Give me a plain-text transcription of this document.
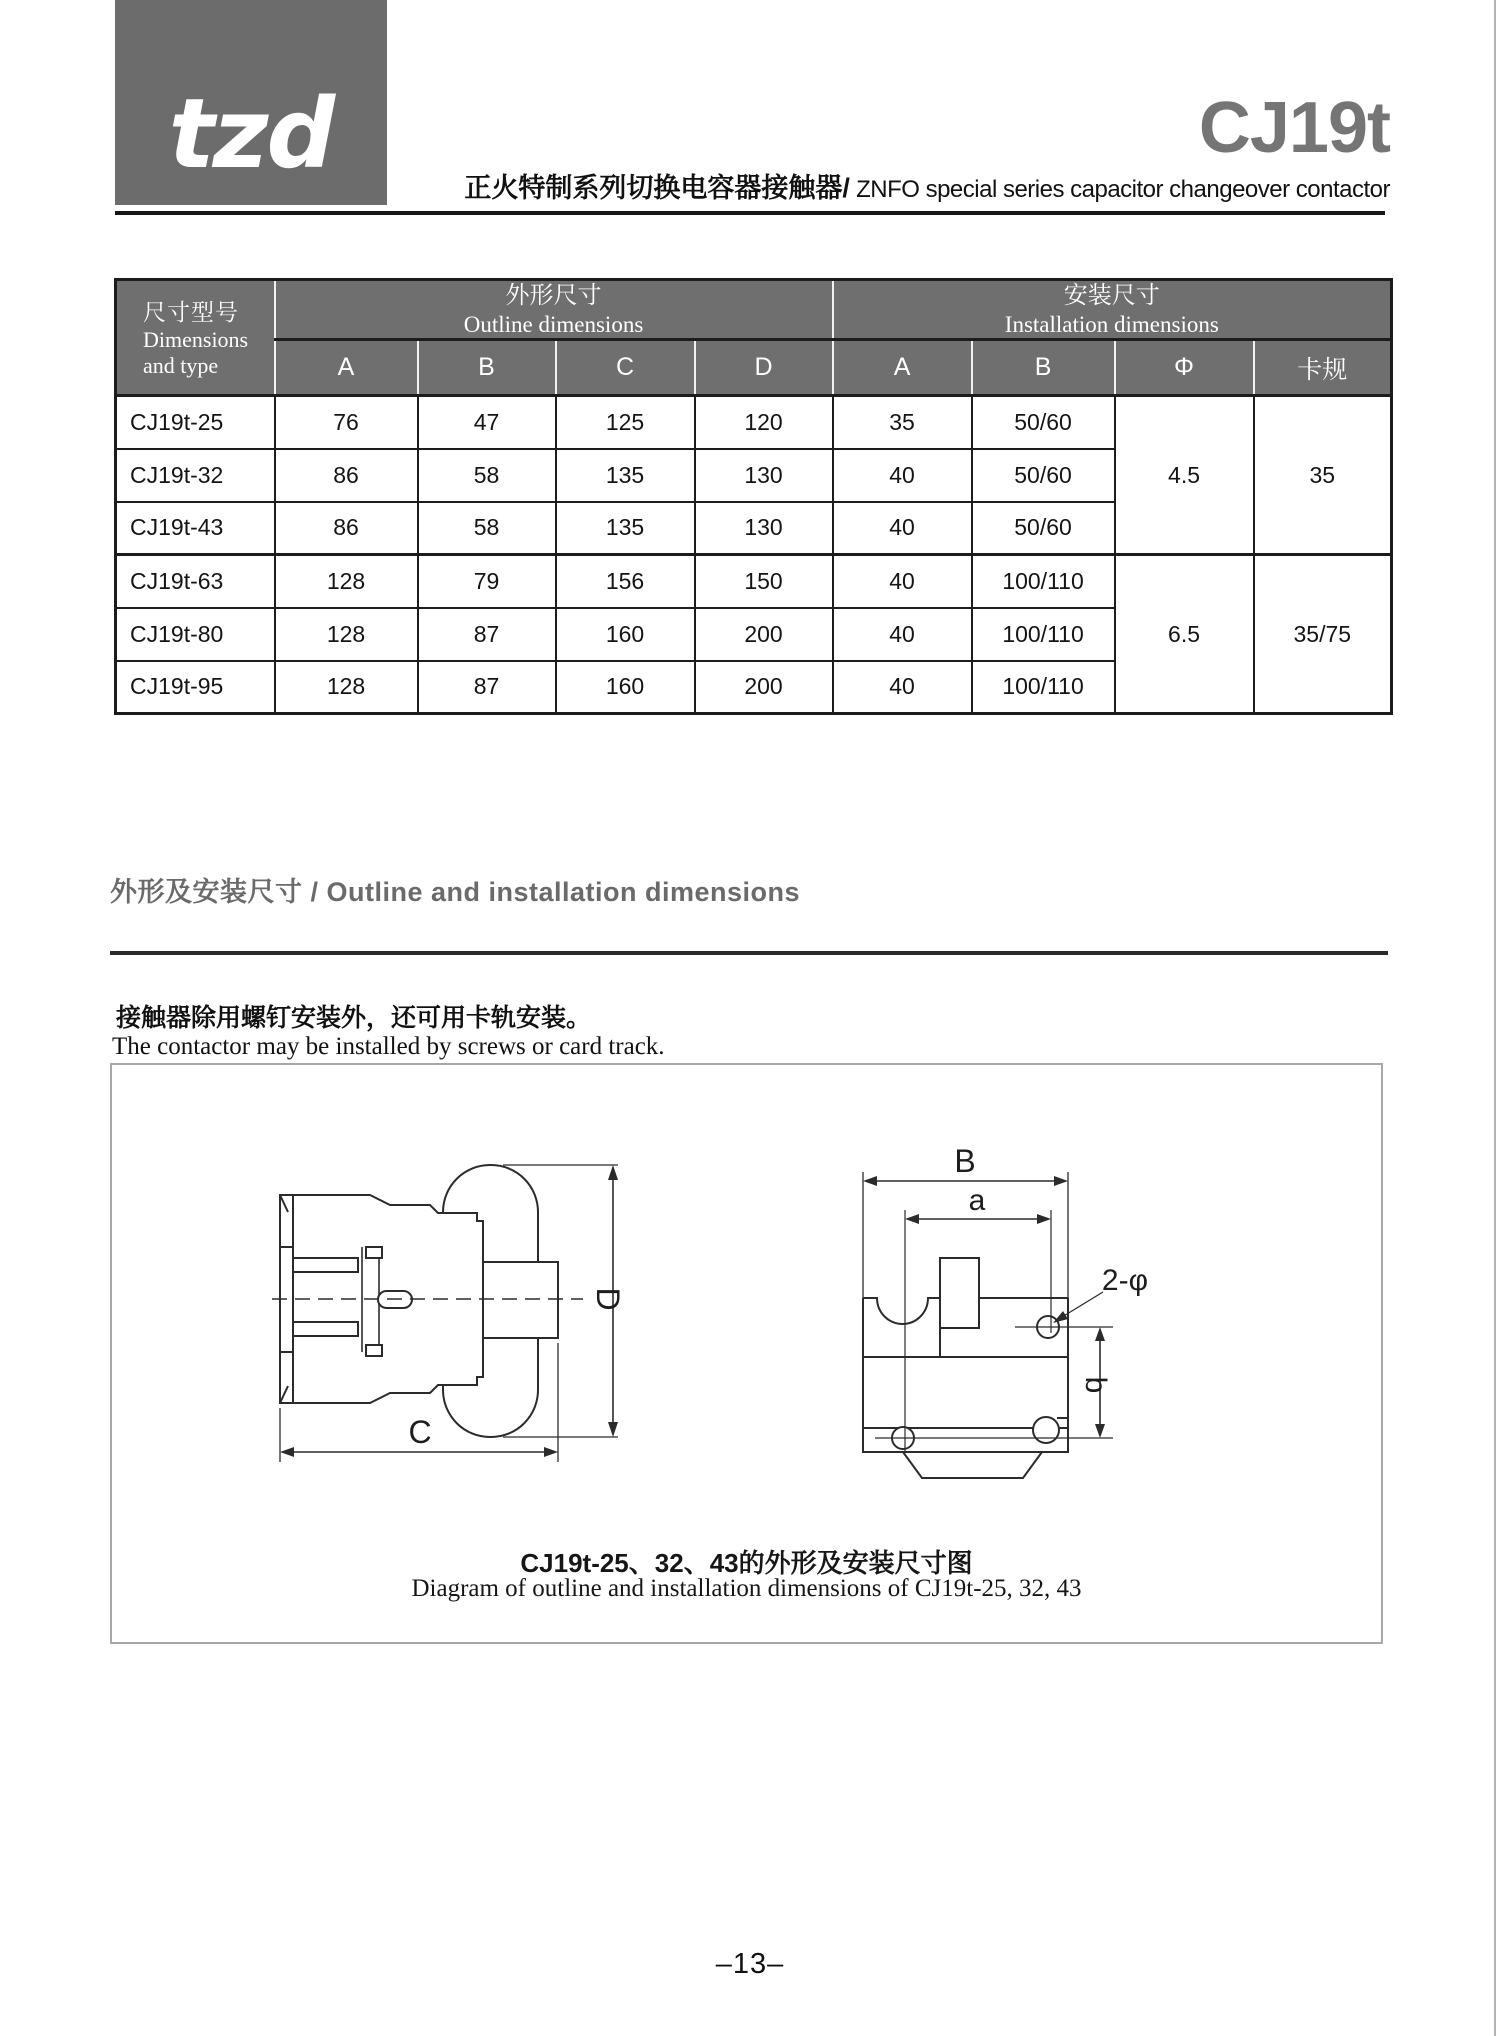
tzd	CJ19t
正火特制系列切换电容器接触器/ ZNFO special series capacitor changeover contactor
尺寸型号
Dimensions
and type	外形尺寸
Outline dimensions				安装尺寸
Installation dimensions			

	A	B	C	D	A	B	Φ	卡规
CJ19t-25	76	47	125	120	35	50/60	4.5	35
CJ19t-32	86	58	135	130	40	50/60		
CJ19t-43	86	58	135	130	40	50/60		
CJ19t-63	128	79	156	150	40	100/110	6.5	35/75
CJ19t-80	128	87	160	200	40	100/110		
CJ19t-95	128	87	160	200	40	100/110		
外形及安装尺寸 / Outline and installation dimensions
接触器除用螺钉安装外，还可用卡轨安装。
The contactor may be installed by screws or card track.
D
C
B
a
b
2-φ
CJ19t-25、32、43的外形及安装尺寸图
Diagram of outline and installation dimensions of CJ19t-25, 32, 43
–13–
